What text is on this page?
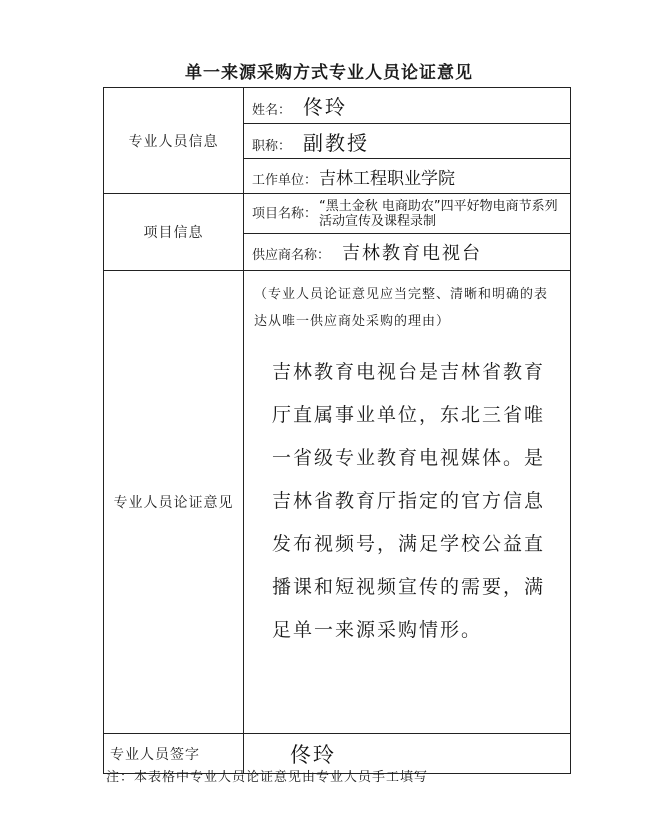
单一来源采购方式专业人员论证意见
专业人员信息	姓名： 佟玲
	职称： 副教授
	工作单位： 吉林工程职业学院
项目信息	项目名称： “黑土金秋 电商助农”四平好物电商节系列活动宣传及课程录制
	供应商名称： 吉林教育电视台
专业人员论证意见	（专业人员论证意见应当完整、清晰和明确的表达从唯一供应商处采购的理由）
吉林教育电视台是吉林省教育厅直属事业单位，东北三省唯一省级专业教育电视媒体。是吉林省教育厅指定的官方信息发布视频号，满足学校公益直播课和短视频宣传的需要，满足单一来源采购情形。

专业人员签字	佟玲
注：本表格中专业人员论证意见由专业人员手工填写
